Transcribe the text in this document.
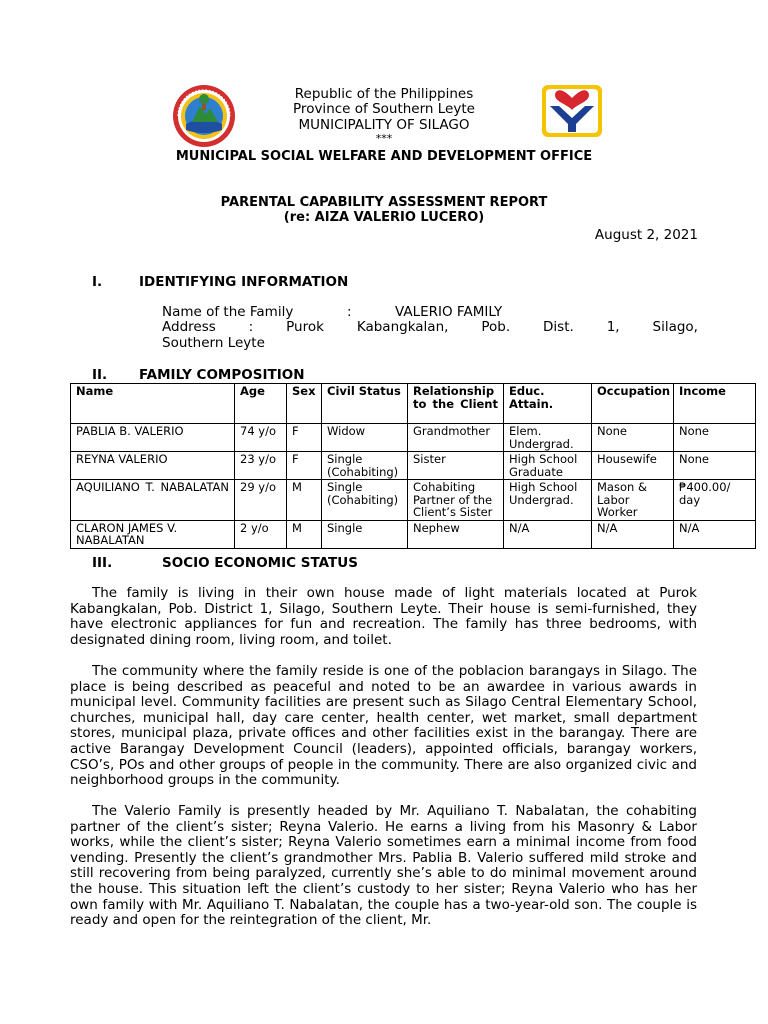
Republic of the Philippines
Province of Southern Leyte
MUNICIPALITY OF SILAGO
***
MUNICIPAL SOCIAL WELFARE AND DEVELOPMENT OFFICE
PARENTAL CAPABILITY ASSESSMENT REPORT
(re: AIZA VALERIO LUCERO)
August 2, 2021
I.	IDENTIFYING INFORMATION
Name of the Family	:	VALERIO FAMILY
Address : Purok Kabangkalan, Pob. Dist. 1, Silago,
Southern Leyte
II. FAMILY COMPOSITION
Name	Age	Sex	Civil Status	Relationship to the Client	Educ. Attain.	Occupation	Income
PABLIA B. VALERIO	74 y/o	F	Widow	Grandmother	Elem. Undergrad.	None	None
REYNA VALERIO	23 y/o	F	Single (Cohabiting)	Sister	High School Graduate	Housewife	None
AQUILIANO T. NABALATAN	29 y/o	M	Single (Cohabiting)	Cohabiting Partner of the Client’s Sister	High School Undergrad.	Mason & Labor Worker	₱400.00/ day
CLARON JAMES V. NABALATAN	2 y/o	M	Single	Nephew	N/A	N/A	N/A
III.	SOCIO ECONOMIC STATUS
The family is living in their own house made of light materials located at Purok Kabangkalan, Pob. District 1, Silago, Southern Leyte. Their house is semi-furnished, they have electronic appliances for fun and recreation. The family has three bedrooms, with designated dining room, living room, and toilet.
The community where the family reside is one of the poblacion barangays in Silago. The place is being described as peaceful and noted to be an awardee in various awards in municipal level. Community facilities are present such as Silago Central Elementary School, churches, municipal hall, day care center, health center, wet market, small department stores, municipal plaza, private offices and other facilities exist in the barangay. There are active Barangay Development Council (leaders), appointed officials, barangay workers, CSO’s, POs and other groups of people in the community. There are also organized civic and neighborhood groups in the community.
The Valerio Family is presently headed by Mr. Aquiliano T. Nabalatan, the cohabiting partner of the client’s sister; Reyna Valerio. He earns a living from his Masonry & Labor works, while the client’s sister; Reyna Valerio sometimes earn a minimal income from food vending. Presently the client’s grandmother Mrs. Pablia B. Valerio suffered mild stroke and still recovering from being paralyzed, currently she’s able to do minimal movement around the house. This situation left the client’s custody to her sister; Reyna Valerio who has her own family with Mr. Aquiliano T. Nabalatan, the couple has a two-year-old son. The couple is ready and open for the reintegration of the client, Mr.
